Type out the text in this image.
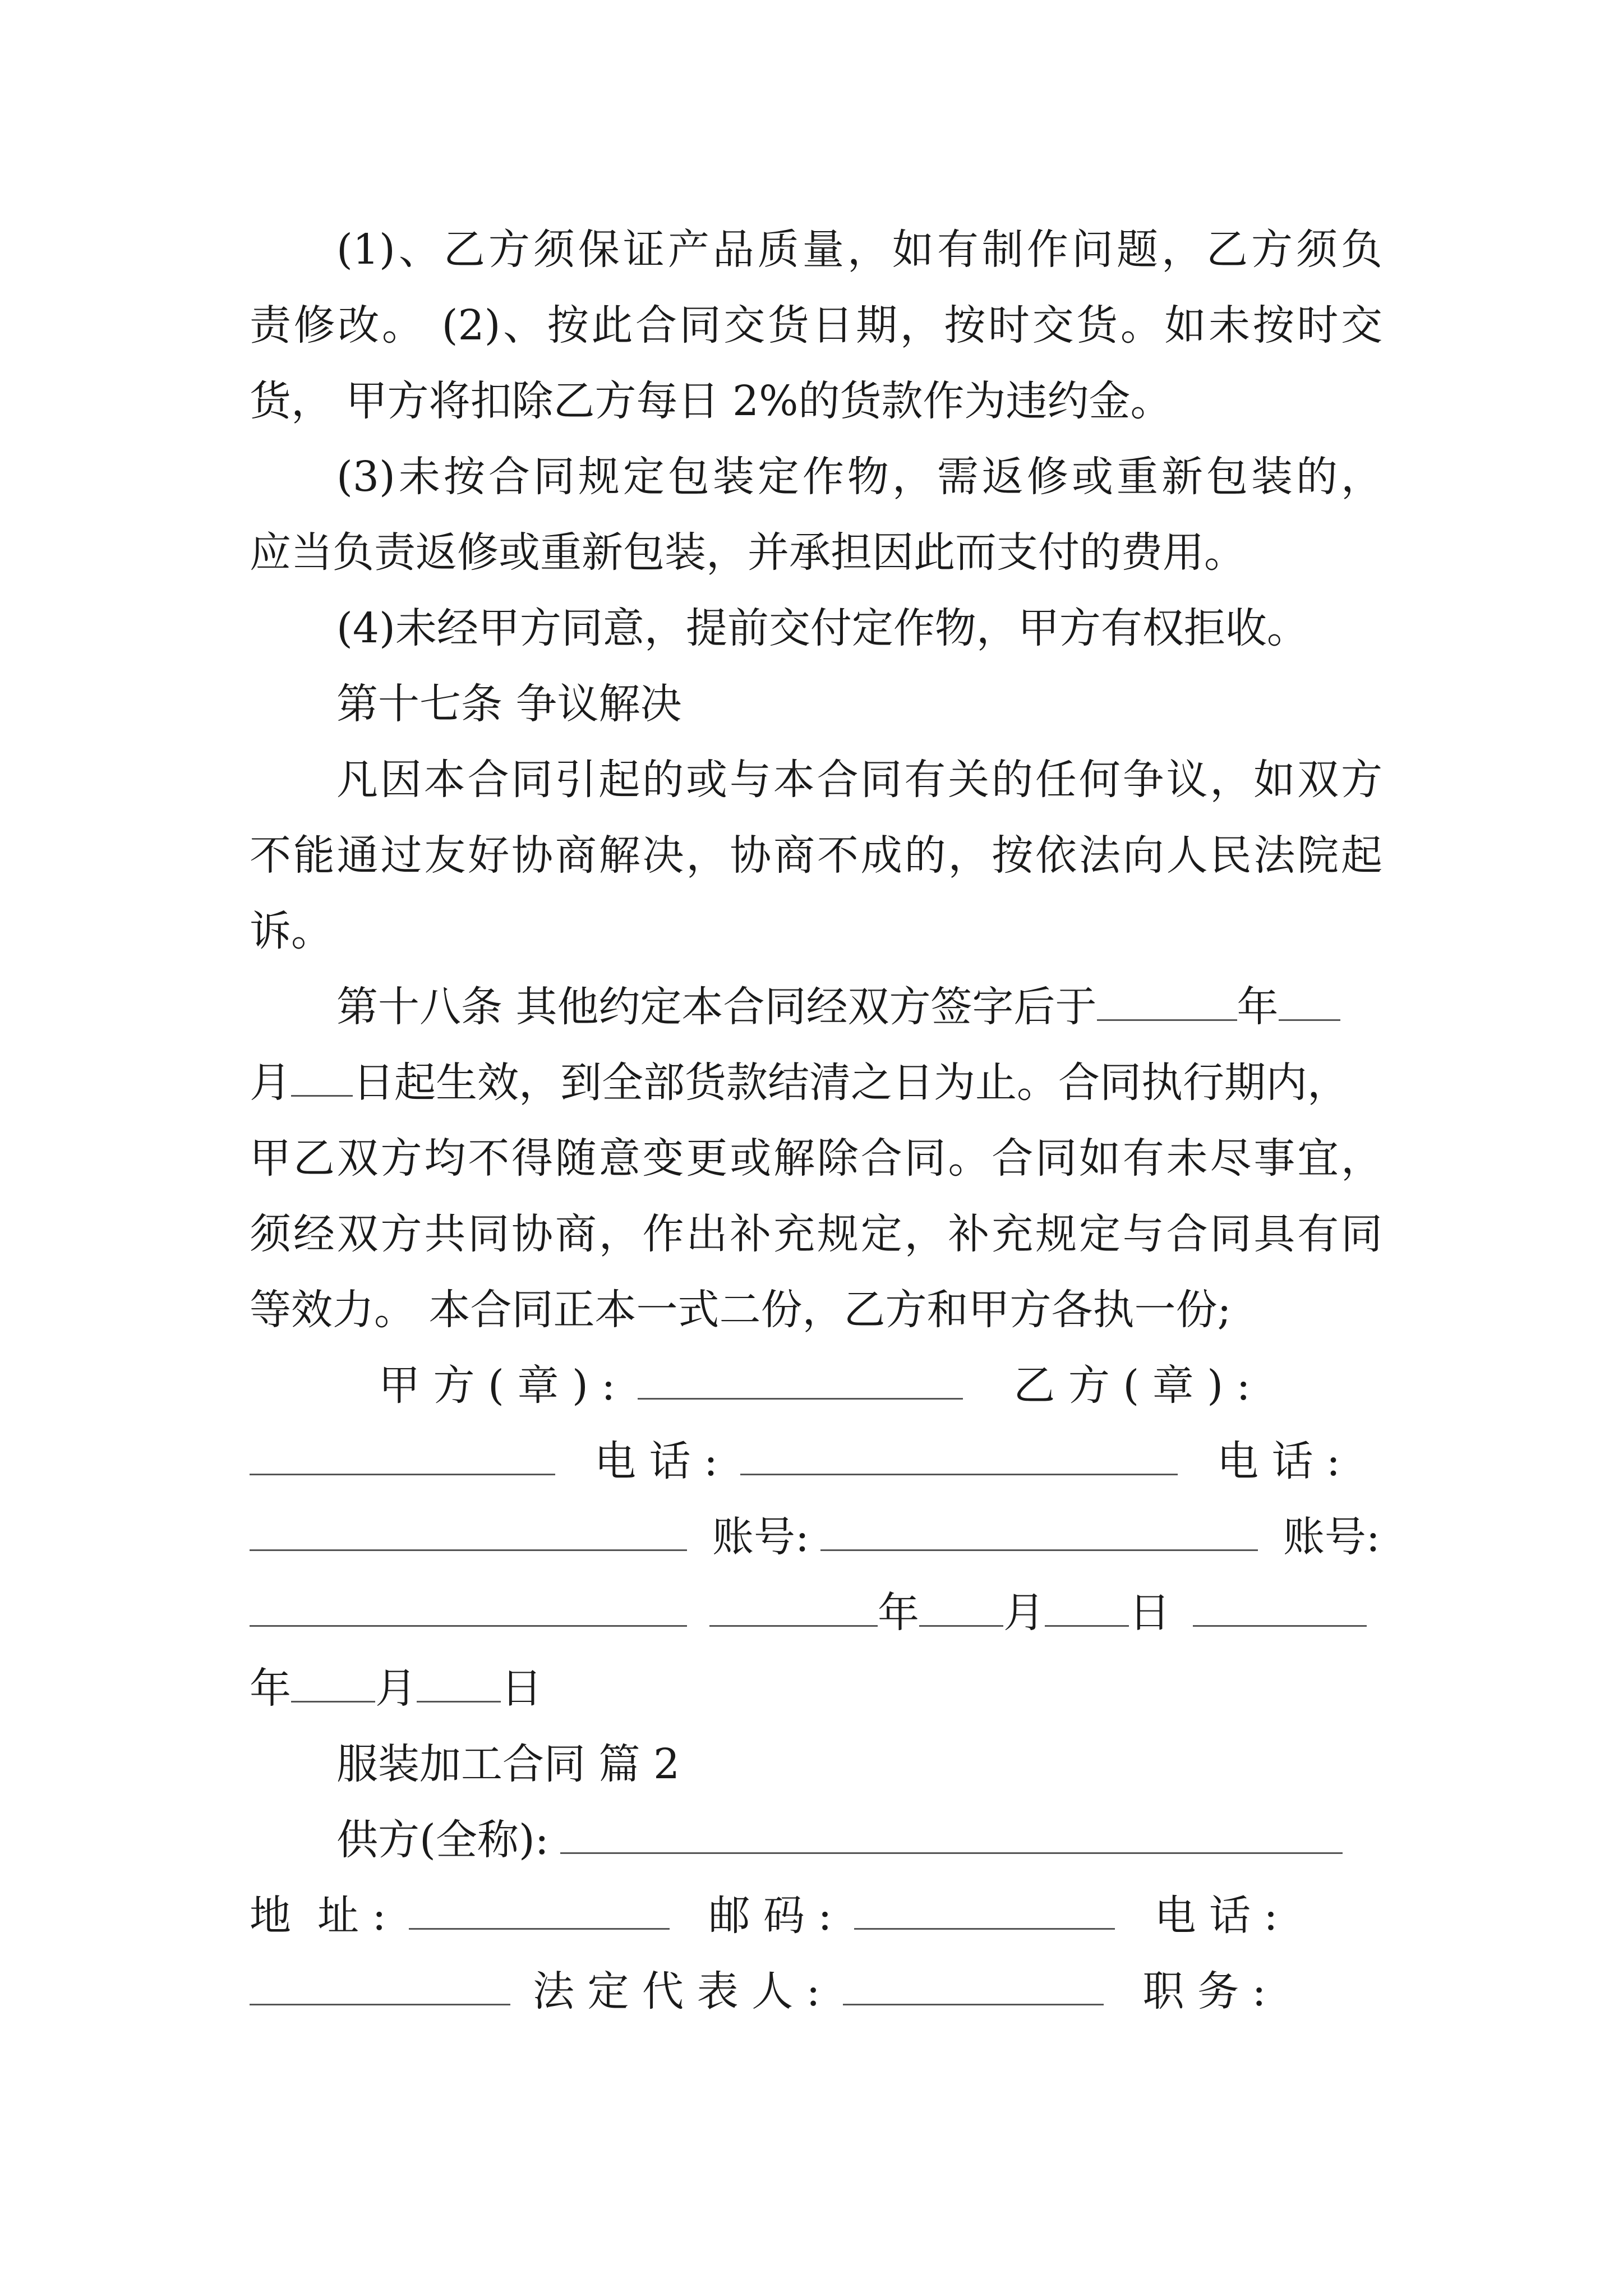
(1)、乙方须保证产品质量，如有制作问题，乙方须负
责修改。 (2)、按此合同交货日期，按时交货。如未按时交
货， 甲方将扣除乙方每日 2%的货款作为违约金。
(3)未按合同规定包装定作物，需返修或重新包装的，
应当负责返修或重新包装，并承担因此而支付的费用。
(4)未经甲方同意，提前交付定作物，甲方有权拒收。
第十七条 争议解决
凡因本合同引起的或与本合同有关的任何争议，如双方
不能通过友好协商解决，协商不成的，按依法向人民法院起
诉。
第十八条 其他约定本合同经双方签字后于	年
月 日起生效，到全部货款结清之日为止。合同执行期内，
甲乙双方均不得随意变更或解除合同。合同如有未尽事宜，
须经双方共同协商，作出补充规定，补充规定与合同具有同
等效力。 本合同正本一式二份，乙方和甲方各执一份;
甲 方 ( 章 ) :	乙 方 ( 章 ) :
电 话 :	电 话 :
账号:	账号:
年 月 日
年 月 日
服装加工合同 篇 2
供方(全称):
地  址 :	邮 码 :	电 话 :
法 定 代 表 人 :	职 务 :
